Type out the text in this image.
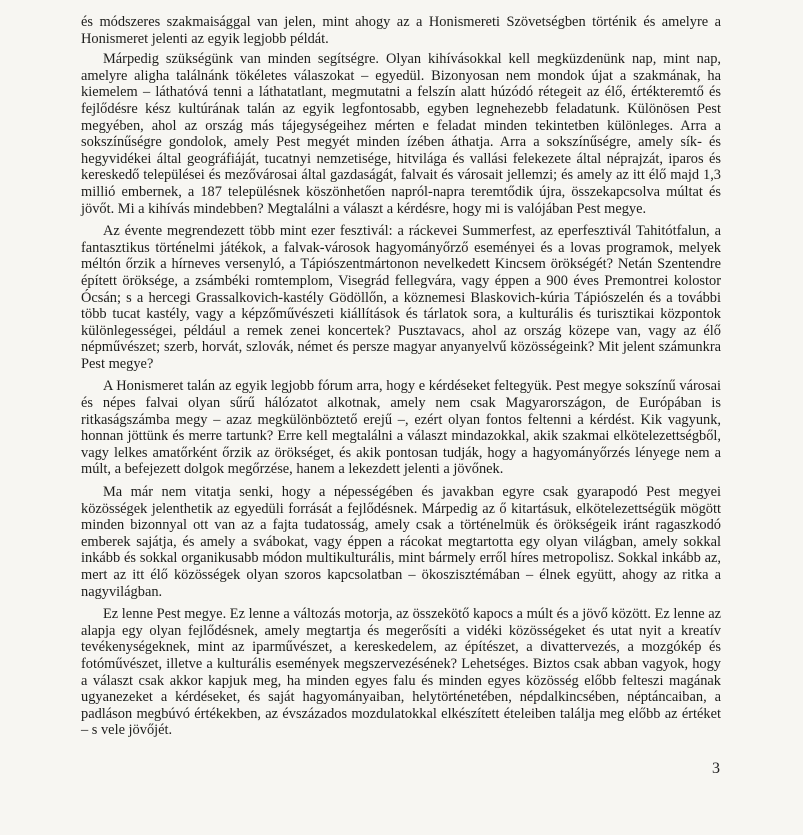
és módszeres szakmaisággal van jelen, mint ahogy az a Honismereti Szövetségben történik és amelyre a Honismeret jelenti az egyik legjobb példát.

Márpedig szükségünk van minden segítségre. Olyan kihívásokkal kell megküzdenünk nap, mint nap, amelyre aligha találnánk tökéletes válaszokat – egyedül. Bizonyosan nem mondok újat a szakmának, ha kiemelem – láthatóvá tenni a láthatatlant, megmutatni a felszín alatt húzódó rétegeit az élő, értékteremtő és fejlődésre kész kultúrának talán az egyik legfontosabb, egyben legnehezebb feladatunk. Különösen Pest megyében, ahol az ország más tájegységeihez mérten e feladat minden tekintetben különleges. Arra a sokszínűségre gondolok, amely Pest megyét minden ízében áthatja. Arra a sokszínűségre, amely sík- és hegyvidékei által geográfiáját, tucatnyi nemzetisége, hitvilága és vallási felekezete által néprajzát, iparos és kereskedő települései és mezővárosai által gazdaságát, falvait és városait jellemzi; és amely az itt élő majd 1,3 millió embernek, a 187 településnek köszönhetően napról-napra teremtődik újra, összekapcsolva múltat és jövőt. Mi a kihívás mindebben? Megtalálni a választ a kérdésre, hogy mi is valójában Pest megye.

Az évente megrendezett több mint ezer fesztivál: a ráckevei Summerfest, az eperfesztivál Tahitótfalun, a fantasztikus történelmi játékok, a falvak-városok hagyományőrző eseményei és a lovas programok, melyek méltón őrzik a hírneves versenyló, a Tápiószentmártonon nevelkedett Kincsem örökségét? Netán Szentendre épített öröksége, a zsámbéki romtemplom, Visegrád fellegvára, vagy éppen a 900 éves Premontrei kolostor Ócsán; s a hercegi Grassalkovich-kastély Gödöllőn, a köznemesi Blaskovich-kúria Tápiószelén és a további több tucat kastély, vagy a képzőművészeti kiállítások és tárlatok sora, a kulturális és turisztikai központok különlegességei, például a remek zenei koncertek? Pusztavacs, ahol az ország közepe van, vagy az élő népművészet; szerb, horvát, szlovák, német és persze magyar anyanyelvű közösségeink? Mit jelent számunkra Pest megye?

A Honismeret talán az egyik legjobb fórum arra, hogy e kérdéseket feltegyük. Pest megye sokszínű városai és népes falvai olyan sűrű hálózatot alkotnak, amely nem csak Magyarországon, de Európában is ritkaságszámba megy – azaz megkülönböztető erejű –, ezért olyan fontos feltenni a kérdést. Kik vagyunk, honnan jöttünk és merre tartunk? Erre kell megtalálni a választ mindazokkal, akik szakmai elkötelezettségből, vagy lelkes amatőrként őrzik az örökséget, és akik pontosan tudják, hogy a hagyományőrzés lényege nem a múlt, a befejezett dolgok megőrzése, hanem a lekezdett jelenti a jövőnek.

Ma már nem vitatja senki, hogy a népességében és javakban egyre csak gyarapodó Pest megyei közösségek jelenthetik az egyedüli forrását a fejlődésnek. Márpedig az ő kitartásuk, elkötelezettségük mögött minden bizonnyal ott van az a fajta tudatosság, amely csak a történelmük és örökségeik iránt ragaszkodó emberek sajátja, és amely a svábokat, vagy éppen a rácokat megtartotta egy olyan világban, amely sokkal inkább és sokkal organikusabb módon multikulturális, mint bármely erről híres metropolisz. Sokkal inkább az, mert az itt élő közösségek olyan szoros kapcsolatban – ökoszisztémában – élnek együtt, ahogy az ritka a nagyvilágban.

Ez lenne Pest megye. Ez lenne a változás motorja, az összekötő kapocs a múlt és a jövő között. Ez lenne az alapja egy olyan fejlődésnek, amely megtartja és megerősíti a vidéki közösségeket és utat nyit a kreatív tevékenységeknek, mint az iparművészet, a kereskedelem, az építészet, a divattervezés, a mozgókép és fotóművészet, illetve a kulturális események megszervezésének? Lehetséges. Biztos csak abban vagyok, hogy a választ csak akkor kapjuk meg, ha minden egyes falu és minden egyes közösség előbb felteszi magának ugyanezeket a kérdéseket, és saját hagyományaiban, helytörténetében, népdalkincsében, néptáncaiban, a padláson megbúvó értékekben, az évszázados mozdulatokkal elkészített ételeiben találja meg előbb az értéket – s vele jövőjét.

3
